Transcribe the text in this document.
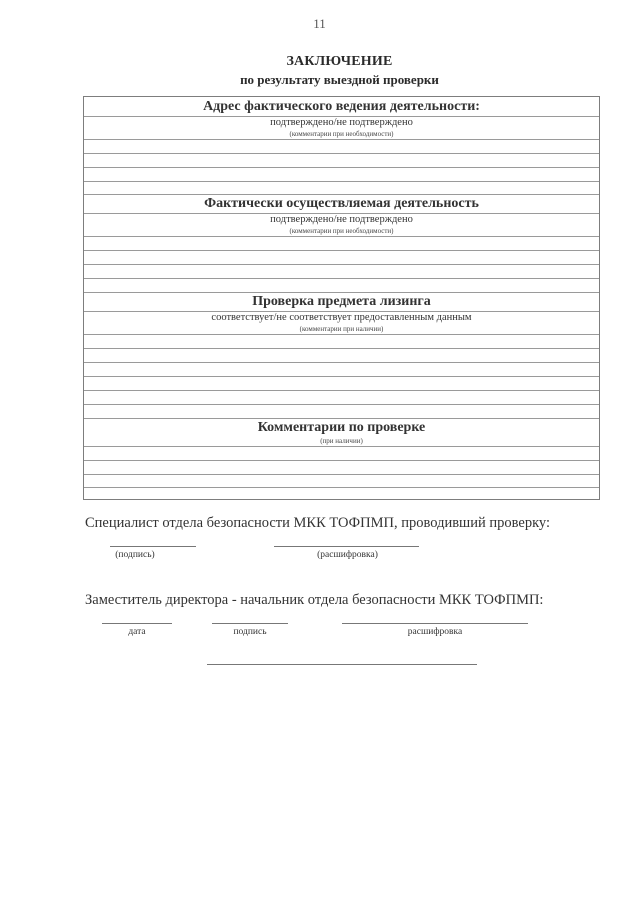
11
ЗАКЛЮЧЕНИЕ
по результату выездной проверки
Адрес фактического ведения деятельности:
подтверждено/не подтверждено
(комментарии при необходимости)
Фактически осуществляемая деятельность
подтверждено/не подтверждено
(комментарии при необходимости)
Проверка предмета лизинга
соответствует/не соответствует предоставленным данным
(комментарии при наличии)
Комментарии по проверке
(при наличии)
Специалист отдела безопасности МКК ТОФПМП, проводивший проверку:
(подпись)	(расшифровка)
Заместитель директора - начальник отдела безопасности МКК ТОФПМП:
дата	подпись	расшифровка
